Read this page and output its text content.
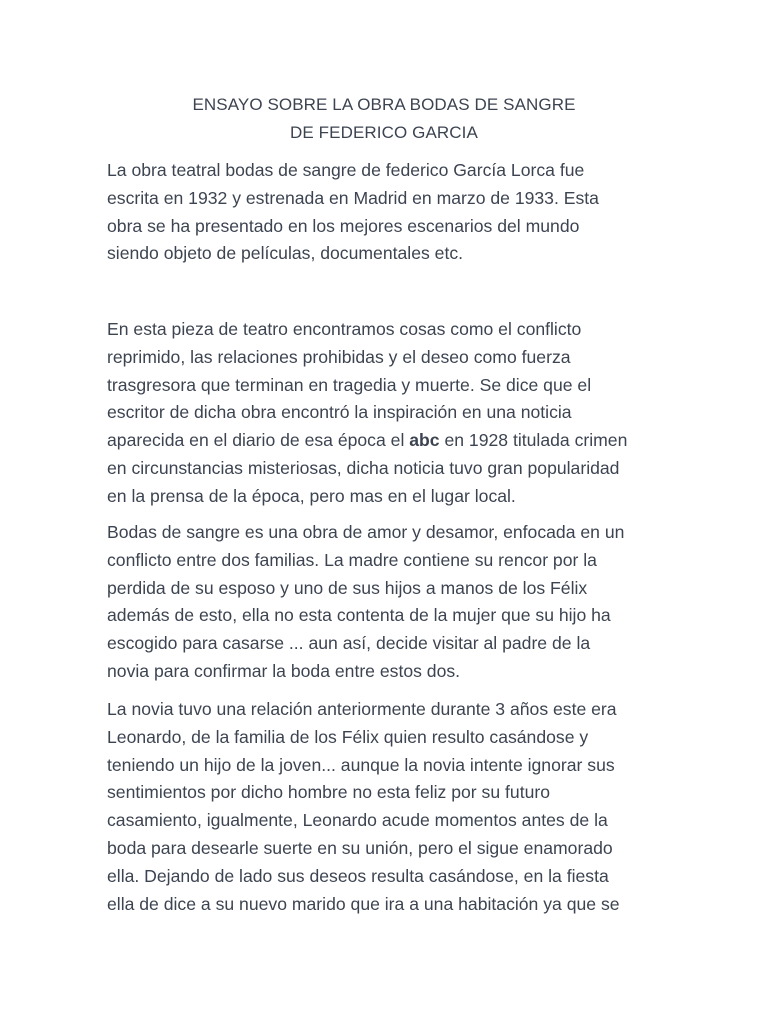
ENSAYO SOBRE LA OBRA BODAS DE SANGRE
DE FEDERICO GARCIA

La obra teatral bodas de sangre de federico García Lorca fue
escrita en 1932 y estrenada en Madrid en marzo de 1933. Esta
obra se ha presentado en los mejores escenarios del mundo
siendo objeto de películas, documentales etc.

En esta pieza de teatro encontramos cosas como el conflicto
reprimido, las relaciones prohibidas y el deseo como fuerza
trasgresora que terminan en tragedia y muerte. Se dice que el
escritor de dicha obra encontró la inspiración en una noticia
aparecida en el diario de esa época el abc en 1928 titulada crimen
en circunstancias misteriosas, dicha noticia tuvo gran popularidad
en la prensa de la época, pero mas en el lugar local.

Bodas de sangre es una obra de amor y desamor, enfocada en un
conflicto entre dos familias. La madre contiene su rencor por la
perdida de su esposo y uno de sus hijos a manos de los Félix
además de esto, ella no esta contenta de la mujer que su hijo ha
escogido para casarse ... aun así, decide visitar al padre de la
novia para confirmar la boda entre estos dos.

La novia tuvo una relación anteriormente durante 3 años este era
Leonardo, de la familia de los Félix quien resulto casándose y
teniendo un hijo de la joven... aunque la novia intente ignorar sus
sentimientos por dicho hombre no esta feliz por su futuro
casamiento, igualmente, Leonardo acude momentos antes de la
boda para desearle suerte en su unión, pero el sigue enamorado
ella. Dejando de lado sus deseos resulta casándose, en la fiesta
ella de dice a su nuevo marido que ira a una habitación ya que se
